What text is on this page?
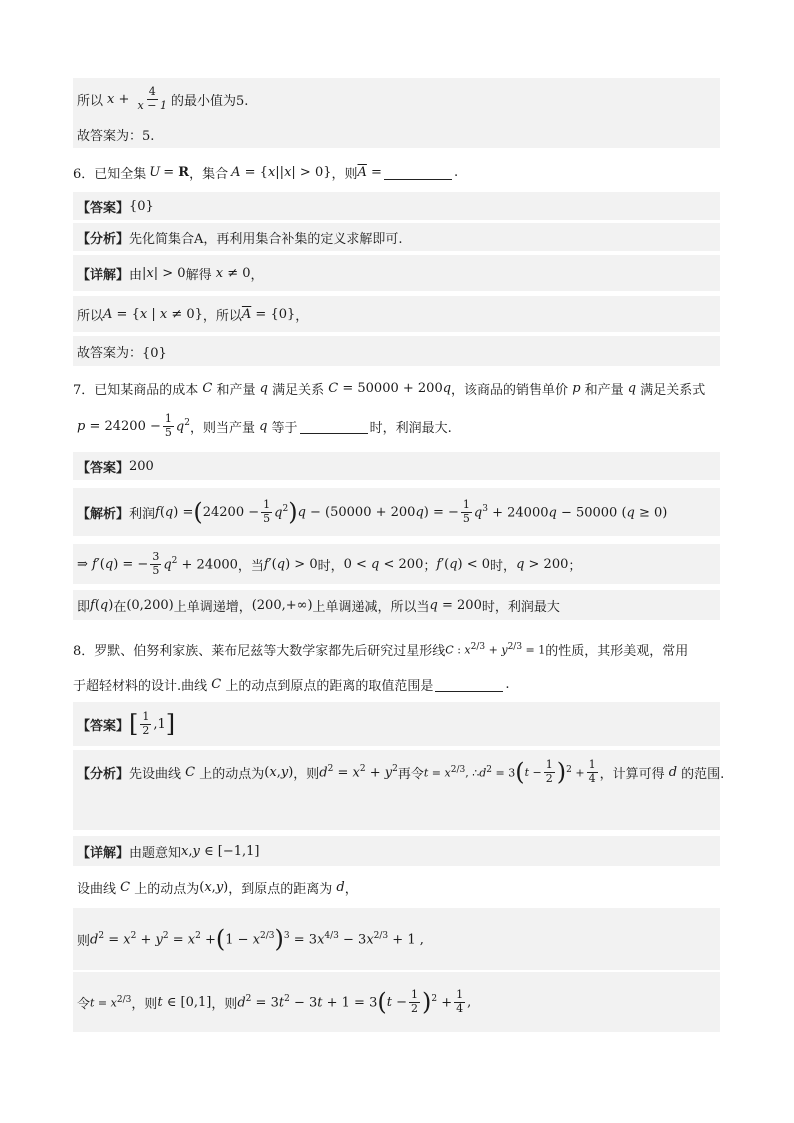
所以 $x + \frac{4}{x - 1}$ 的最小值为5.
故答案为：5.
6． 已知全集 U = R ，集合 A = {x||x| > 0} ，则 $\overline{A}$ =	.
【答案】 {0}
【分析】 先化简集合A，再利用集合补集的定义求解即可.
【详解】 由 |x| > 0 解得 x ≠ 0 ，
所以 A = {x | x ≠ 0} ，所以 $\overline{A} = \{0\}$ ，
故答案为：{0}
7． 已知某商品的成本 C 和产量 q 满足关系 C = 50000 + 200q ，该商品的销售单价 p 和产量 q 满足关系式
$p = 24200 - \frac{1}{5} q^2$ ，则当产量 q 等于	时，利润最大.
【答案】 200
【解析】 利润 f(q) = ( $24200 - \frac{1}{5} q^2$ ) q − (50000 + 200q) = − $\frac{1}{5} q^3 + 24000q - 50000$ (q ≥ 0)
⇒ f′(q) = − $\frac{3}{5} q^2 + 24000$ ，当 f′(q) > 0 时， 0 < q < 200 ； f′(q) < 0 时， q > 200 ；
即 f(q) 在 (0,200) 上单调递增， (200,+∞) 上单调递减，所以当 q = 200 时，利润最大
8． 罗默、伯努利家族、莱布尼兹等大数学家都先后研究过星形线 C : $x^{2/3} + y^{2/3} = 1$ 的性质，其形美观，常用
于超轻材料的设计.曲线 C 上的动点到原点的距离的取值范围是	.
【答案】 [ $\frac{1}{2} ,1$ ]
【分析】 先设曲线 C 上的动点为 (x,y) ，则 $d^2 = x^2 + y^2$ 再令 $t = x^{2/3}$, $\therefore d^2 = 3$ ( $t - \frac{1}{2}$ ) $^2 + \frac{1}{4}$ ，计算可得 d 的范围.
【详解】 由题意知 x,y ∈ [−1,1]
设曲线 C 上的动点为 (x,y) ，到原点的距离为 d ，
则 $d^2 = x^2 + y^2 = x^2$ + ( $1 - x^{2/3}$ ) $^3 = 3x^{4/3} - 3x^{2/3} + 1$ ,
令 $t = x^{2/3}$ ，则 t ∈ [0,1] ，则 $d^2 = 3t^2 - 3t + 1 = 3$ ( $t - \frac{1}{2}$ ) $^2 + \frac{1}{4}$ ,
